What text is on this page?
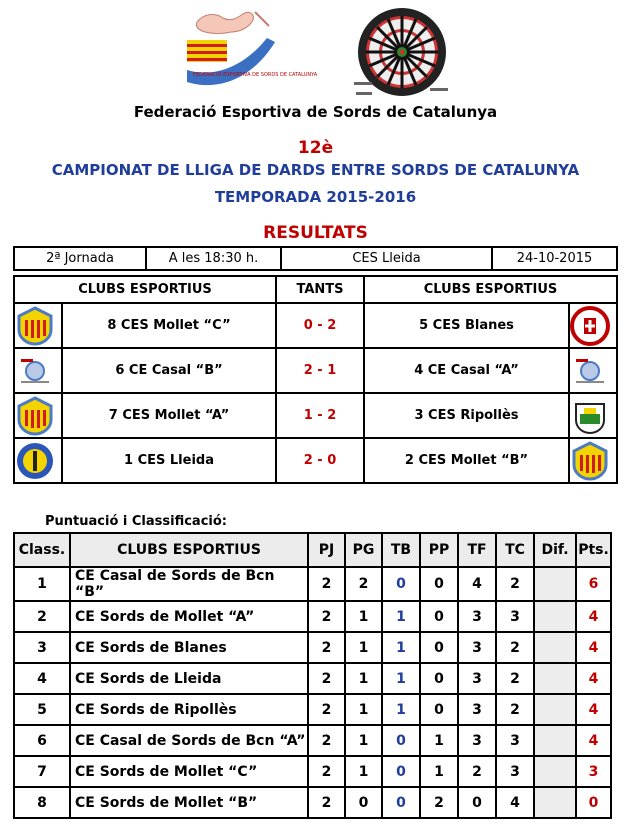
FEDERACIÓ ESPORTIVA DE SORDS DE CATALUNYA
Federació Esportiva de Sords de Catalunya
12è
CAMPIONAT DE LLIGA DE DARDS ENTRE SORDS DE CATALUNYA
TEMPORADA 2015-2016
RESULTATS
2ª Jornada	A les 18:30 h.	CES Lleida	24-10-2015
CLUBS ESPORTIUS		TANTS	CLUBS ESPORTIUS	

	8 CES Mollet “C”	0 - 2	5 CES Blanes	

	6 CE Casal “B”	2 - 1	4 CE Casal “A”	

	7 CES Mollet “A”	1 - 2	3 CES Ripollès	

	1 CES Lleida	2 - 0	2 CES Mollet “B”	
Puntuació i Classificació:
Class.	CLUBS ESPORTIUS	PJ	PG	TB	PP	TF	TC	Dif.	Pts.
1	CE Casal de Sords de Bcn “B”	2	2	0	0	4	2		6
2	CE Sords de Mollet “A”	2	1	1	0	3	3		4
3	CE Sords de Blanes	2	1	1	0	3	2		4
4	CE Sords de Lleida	2	1	1	0	3	2		4
5	CE Sords de Ripollès	2	1	1	0	3	2		4
6	CE Casal de Sords de Bcn “A”	2	1	0	1	3	3		4
7	CE Sords de Mollet “C”	2	1	0	1	2	3		3
8	CE Sords de Mollet “B”	2	0	0	2	0	4		0
